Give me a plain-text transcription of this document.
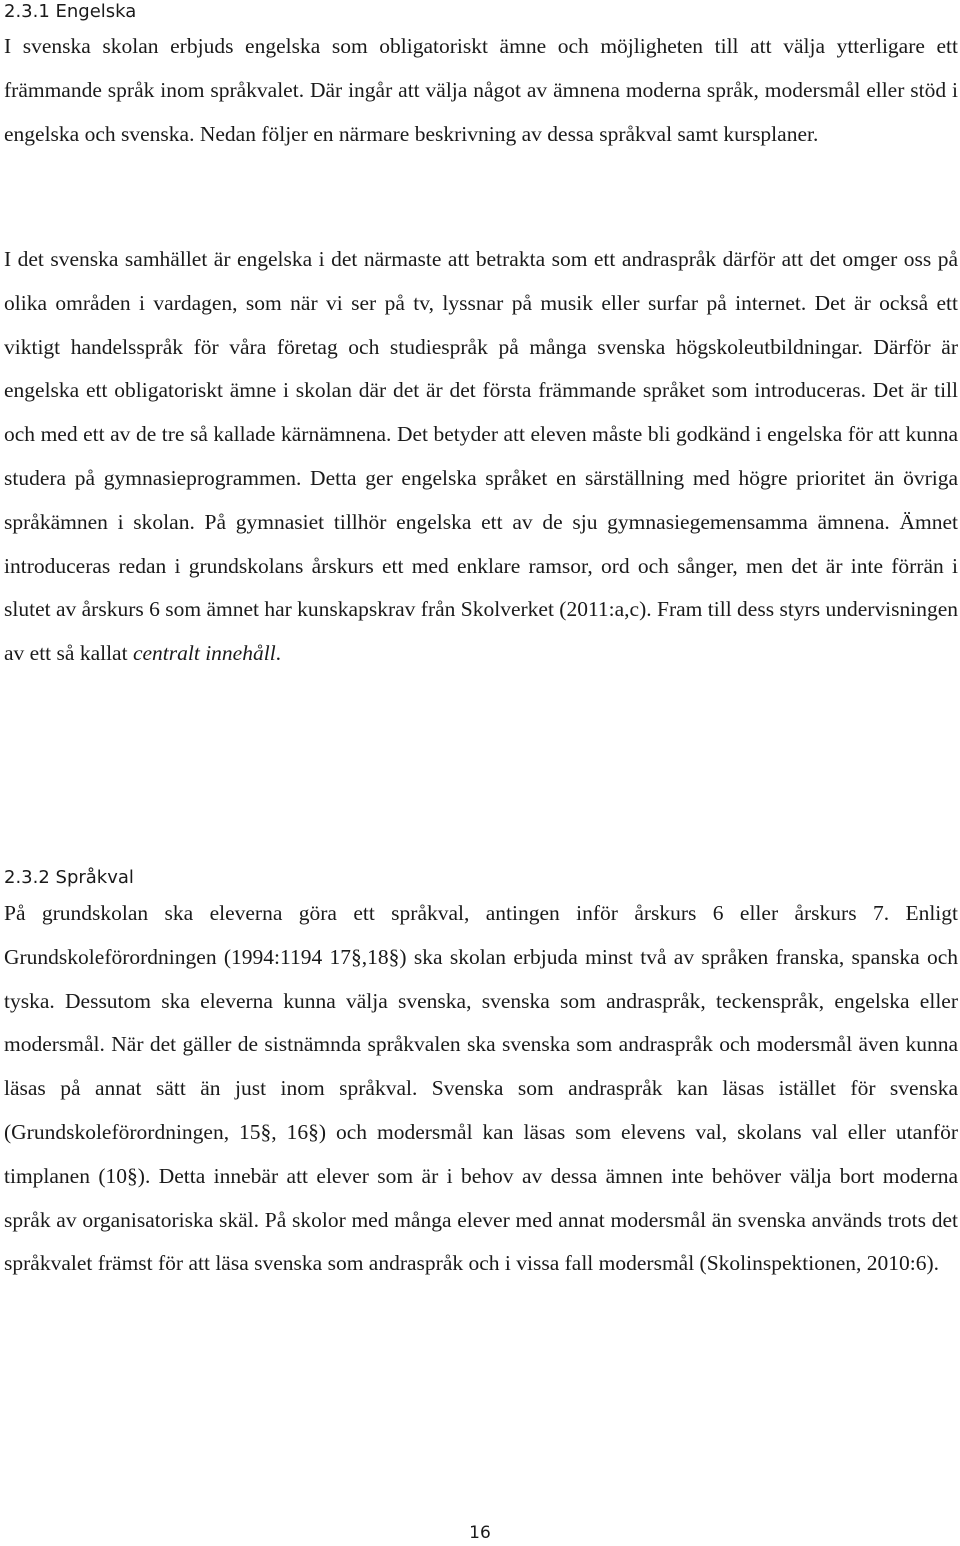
2.3.1 Engelska

I svenska skolan erbjuds engelska som obligatoriskt ämne och möjligheten till att välja ytterligare ett främmande språk inom språkvalet. Där ingår att välja något av ämnena moderna språk, modersmål eller stöd i engelska och svenska. Nedan följer en närmare beskrivning av dessa språkval samt kursplaner.

I det svenska samhället är engelska i det närmaste att betrakta som ett andraspråk därför att det omger oss på olika områden i vardagen, som när vi ser på tv, lyssnar på musik eller surfar på internet. Det är också ett viktigt handelsspråk för våra företag och studiespråk på många svenska högskoleutbildningar. Därför är engelska ett obligatoriskt ämne i skolan där det är det första främmande språket som introduceras. Det är till och med ett av de tre så kallade kärnämnena. Det betyder att eleven måste bli godkänd i engelska för att kunna studera på gymnasieprogrammen. Detta ger engelska språket en särställning med högre prioritet än övriga språkämnen i skolan. På gymnasiet tillhör engelska ett av de sju gymnasiegemensamma ämnena. Ämnet introduceras redan i grundskolans årskurs ett med enklare ramsor, ord och sånger, men det är inte förrän i slutet av årskurs 6 som ämnet har kunskapskrav från Skolverket (2011:a,c). Fram till dess styrs undervisningen av ett så kallat centralt innehåll.

2.3.2 Språkval

På grundskolan ska eleverna göra ett språkval, antingen inför årskurs 6 eller årskurs 7. Enligt Grundskoleförordningen (1994:1194 17§,18§) ska skolan erbjuda minst två av språken franska, spanska och tyska. Dessutom ska eleverna kunna välja svenska, svenska som andraspråk, teckenspråk, engelska eller modersmål. När det gäller de sistnämnda språkvalen ska svenska som andraspråk och modersmål även kunna läsas på annat sätt än just inom språkval. Svenska som andraspråk kan läsas istället för svenska (Grundskoleförordningen, 15§, 16§) och modersmål kan läsas som elevens val, skolans val eller utanför timplanen (10§). Detta innebär att elever som är i behov av dessa ämnen inte behöver välja bort moderna språk av organisatoriska skäl. På skolor med många elever med annat modersmål än svenska används trots det språkvalet främst för att läsa svenska som andraspråk och i vissa fall modersmål (Skolinspektionen, 2010:6).

16
